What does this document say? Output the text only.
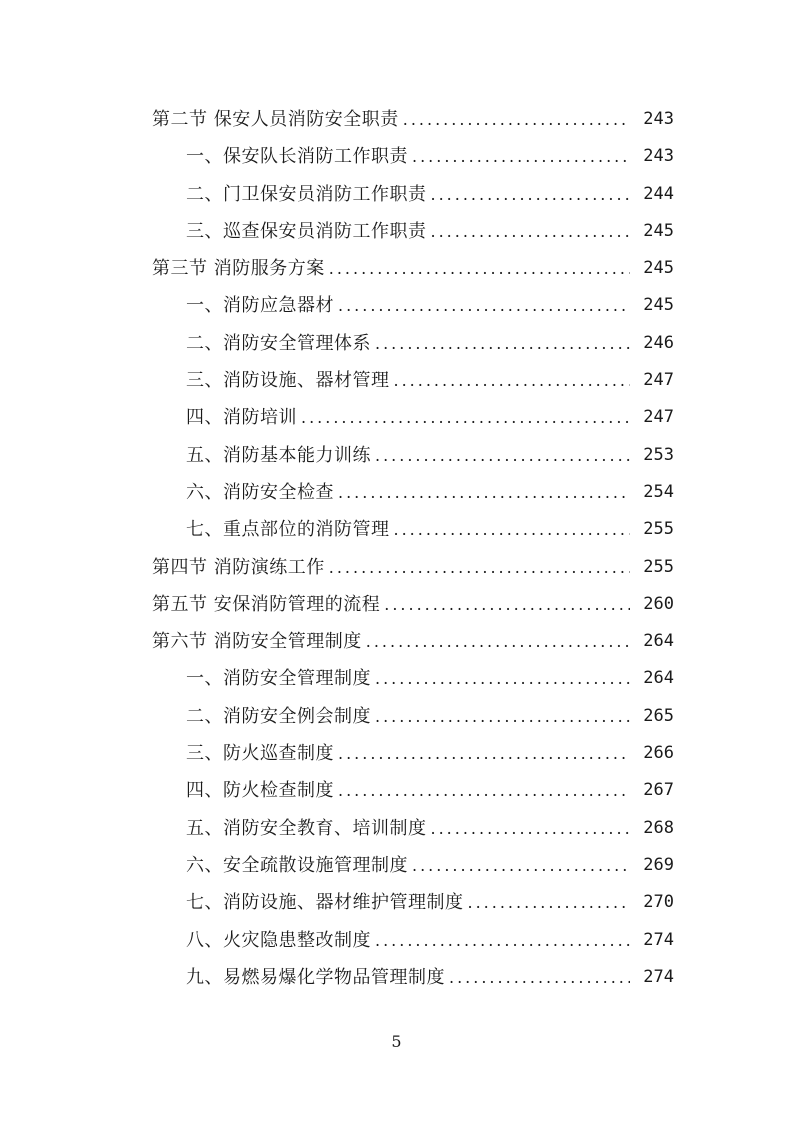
第二节 保安人员消防安全职责 .....	243
一、保安队长消防工作职责 .....	243
二、门卫保安员消防工作职责 .....	244
三、巡查保安员消防工作职责 .....	245
第三节 消防服务方案 .....	245
一、消防应急器材 .....	245
二、消防安全管理体系 .....	246
三、消防设施、器材管理 .....	247
四、消防培训 .....	247
五、消防基本能力训练 .....	253
六、消防安全检查 .....	254
七、重点部位的消防管理 .....	255
第四节 消防演练工作 .....	255
第五节 安保消防管理的流程 .....	260
第六节 消防安全管理制度 .....	264
一、消防安全管理制度 .....	264
二、消防安全例会制度 .....	265
三、防火巡查制度 .....	266
四、防火检查制度 .....	267
五、消防安全教育、培训制度 .....	268
六、安全疏散设施管理制度 .....	269
七、消防设施、器材维护管理制度 .....	270
八、火灾隐患整改制度 .....	274
九、易燃易爆化学物品管理制度 .....	274
5
